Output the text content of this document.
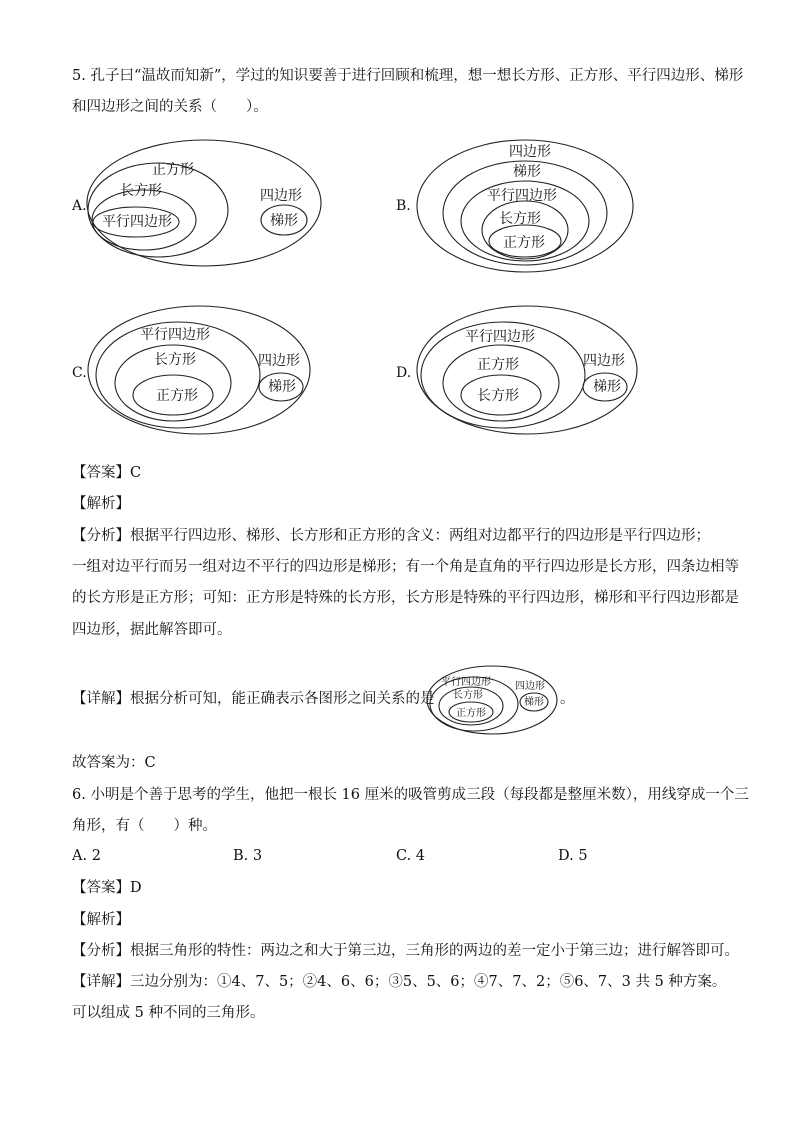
5. 孔子曰“温故而知新”，学过的知识要善于进行回顾和梳理，想一想长方形、正方形、平行四边形、梯形
和四边形之间的关系（　　）。
A.
正方形
长方形
平行四边形
四边形
梯形
B.
四边形
梯形
平行四边形
长方形
正方形
C.
平行四边形
长方形
正方形
四边形
梯形
D.
平行四边形
正方形
长方形
四边形
梯形
【答案】C
【解析】
【分析】根据平行四边形、梯形、长方形和正方形的含义：两组对边都平行的四边形是平行四边形；
一组对边平行而另一组对边不平行的四边形是梯形；有一个角是直角的平行四边形是长方形，四条边相等
的长方形是正方形；可知：正方形是特殊的长方形，长方形是特殊的平行四边形，梯形和平行四边形都是
四边形，据此解答即可。
【详解】根据分析可知，能正确表示各图形之间关系的是
平行四边形
长方形
正方形
四边形
梯形 。
故答案为：C
6. 小明是个善于思考的学生，他把一根长 16 厘米的吸管剪成三段（每段都是整厘米数），用线穿成一个三
角形，有（　　）种。
A. 2	B. 3	C. 4	D. 5
【答案】D
【解析】
【分析】根据三角形的特性：两边之和大于第三边，三角形的两边的差一定小于第三边；进行解答即可。
【详解】三边分别为：①4、7、5；②4、6、6；③5、5、6；④7、7、2；⑤6、7、3 共 5 种方案。
可以组成 5 种不同的三角形。
